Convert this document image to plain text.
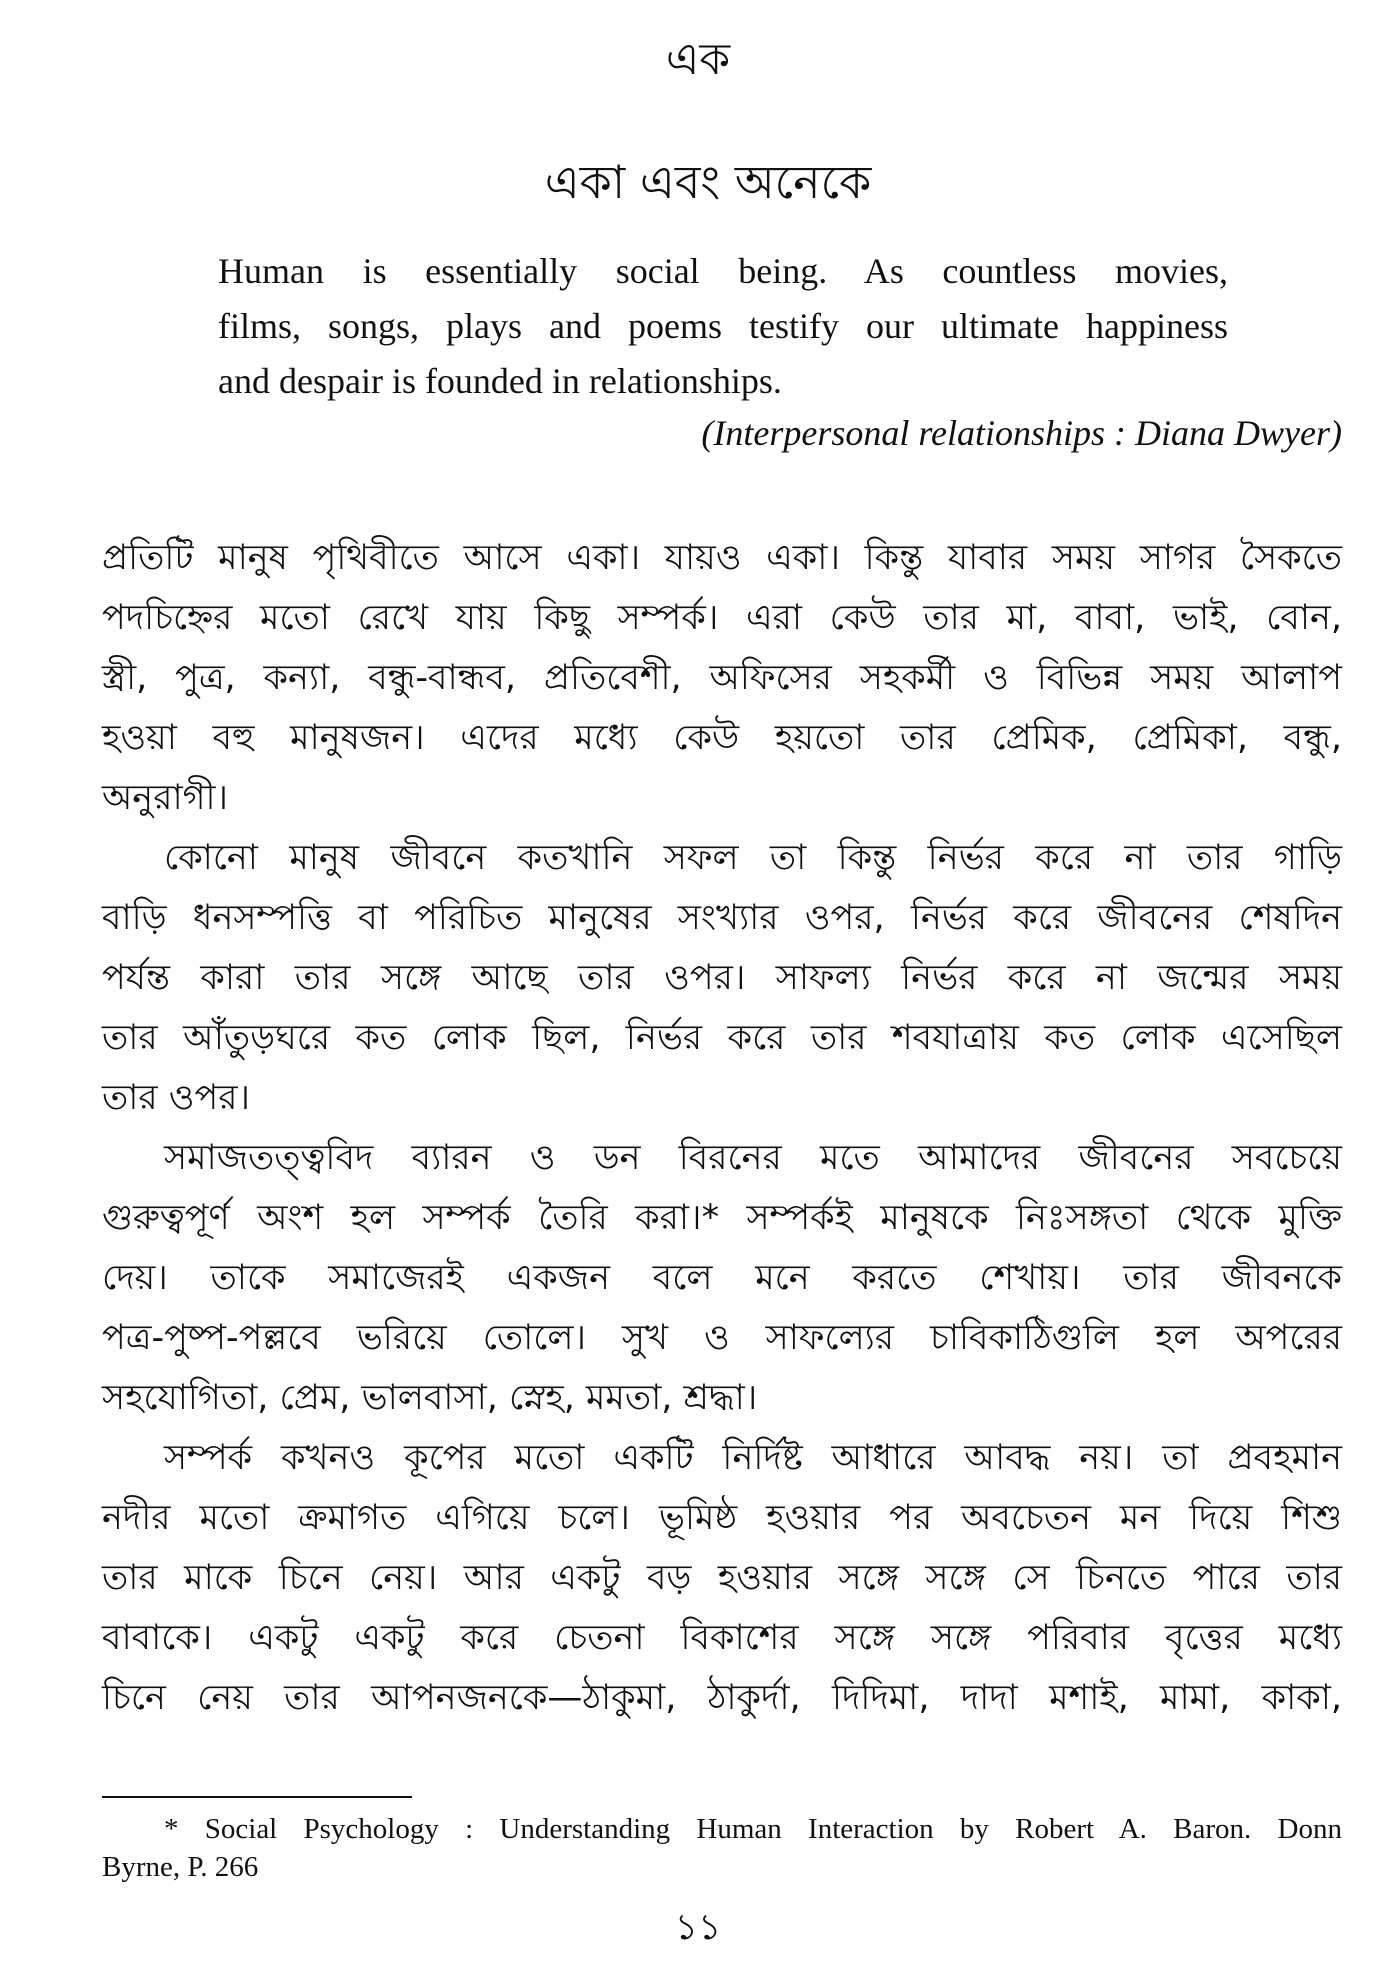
এক
একা এবং অনেকে
Human is essentially social being. As countless movies,
films, songs, plays and poems testify our ultimate happiness
and despair is founded in relationships.
(Interpersonal relationships : Diana Dwyer)
প্রতিটি মানুষ পৃথিবীতে আসে একা। যায়ও একা। কিন্তু যাবার সময় সাগর সৈকতে
পদচিহ্নের মতো রেখে যায় কিছু সম্পর্ক। এরা কেউ তার মা, বাবা, ভাই, বোন,
স্ত্রী, পুত্র, কন্যা, বন্ধু-বান্ধব, প্রতিবেশী, অফিসের সহকর্মী ও বিভিন্ন সময় আলাপ
হওয়া বহু মানুষজন। এদের মধ্যে কেউ হয়তো তার প্রেমিক, প্রেমিকা, বন্ধু,
অনুরাগী।
কোনো মানুষ জীবনে কতখানি সফল তা কিন্তু নির্ভর করে না তার গাড়ি
বাড়ি ধনসম্পত্তি বা পরিচিত মানুষের সংখ্যার ওপর, নির্ভর করে জীবনের শেষদিন
পর্যন্ত কারা তার সঙ্গে আছে তার ওপর। সাফল্য নির্ভর করে না জন্মের সময়
তার আঁতুড়ঘরে কত লোক ছিল, নির্ভর করে তার শবযাত্রায় কত লোক এসেছিল
তার ওপর।
সমাজতত্ত্ববিদ ব্যারন ও ডন বিরনের মতে আমাদের জীবনের সবচেয়ে
গুরুত্বপূর্ণ অংশ হল সম্পর্ক তৈরি করা।* সম্পর্কই মানুষকে নিঃসঙ্গতা থেকে মুক্তি
দেয়। তাকে সমাজেরই একজন বলে মনে করতে শেখায়। তার জীবনকে
পত্র-পুষ্প-পল্লবে ভরিয়ে তোলে। সুখ ও সাফল্যের চাবিকাঠিগুলি হল অপরের
সহযোগিতা, প্রেম, ভালবাসা, স্নেহ, মমতা, শ্রদ্ধা।
সম্পর্ক কখনও কূপের মতো একটি নির্দিষ্ট আধারে আবদ্ধ নয়। তা প্রবহমান
নদীর মতো ক্রমাগত এগিয়ে চলে। ভূমিষ্ঠ হওয়ার পর অবচেতন মন দিয়ে শিশু
তার মাকে চিনে নেয়। আর একটু বড় হওয়ার সঙ্গে সঙ্গে সে চিনতে পারে তার
বাবাকে। একটু একটু করে চেতনা বিকাশের সঙ্গে সঙ্গে পরিবার বৃত্তের মধ্যে
চিনে নেয় তার আপনজনকে—ঠাকুমা, ঠাকুর্দা, দিদিমা, দাদা মশাই, মামা, কাকা,
* Social Psychology : Understanding Human Interaction by Robert A. Baron. Donn
Byrne, P. 266
১১
